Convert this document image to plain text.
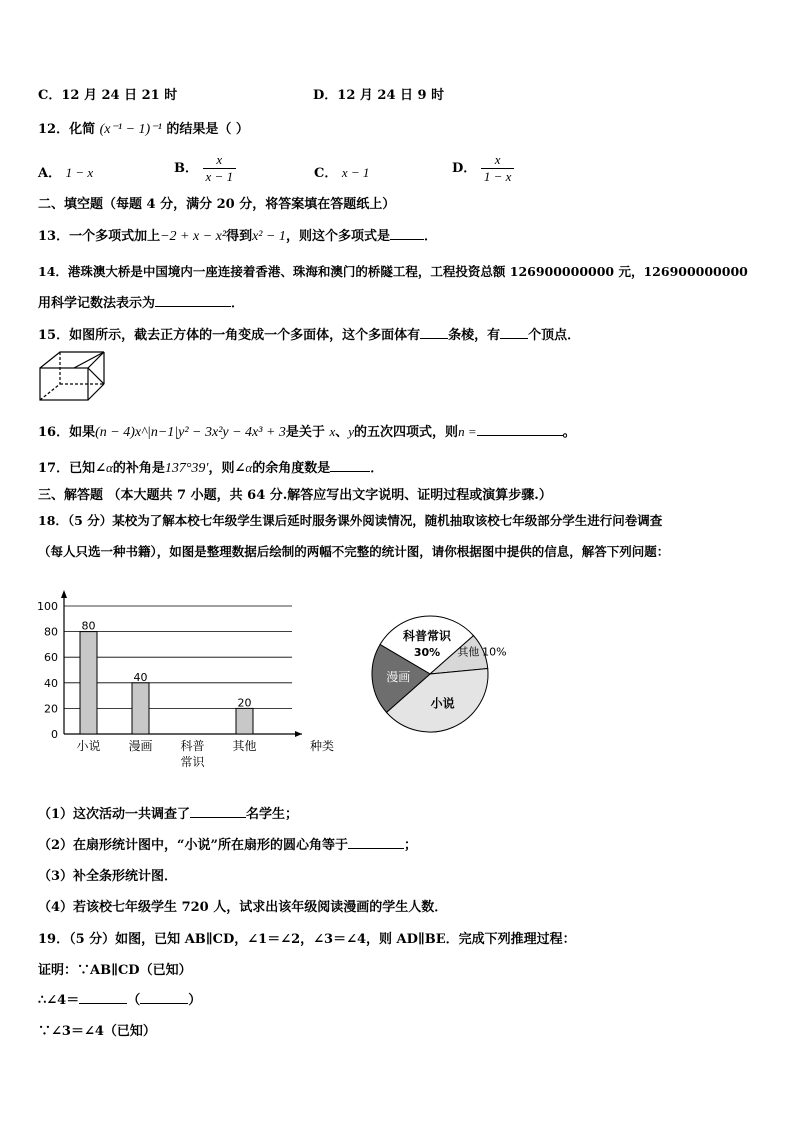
C．12 月 24 日 21 时	D．12 月 24 日 9 时
12．化简 (x⁻¹ − 1)⁻¹ 的结果是（ ）
A． 1 − x	B． $\frac{x}{x - 1}$	C． x − 1	D． $\frac{x}{1 - x}$
二、填空题（每题 4 分，满分 20 分，将答案填在答题纸上）
13．一个多项式加上−2 + x − x²得到x² − 1，则这个多项式是	．
14．港珠澳大桥是中国境内一座连接着香港、珠海和澳门的桥隧工程，工程投资总额 126900000000 元，126900000000
用科学记数法表示为	．
15．如图所示，截去正方体的一角变成一个多面体，这个多面体有 条棱，有 个顶点．
16．如果(n − 4)x^|n−1|y² − 3x²y − 4x³ + 3是关于 x、y的五次四项式，则n =	。
17．已知∠α的补角是137°39′，则∠α的余角度数是	．
三、解答题 （本大题共 7 小题，共 64 分.解答应写出文字说明、证明过程或演算步骤.）
18．（5 分）某校为了解本校七年级学生课后延时服务课外阅读情况，随机抽取该校七年级部分学生进行问卷调查
（每人只选一种书籍），如图是整理数据后绘制的两幅不完整的统计图，请你根据图中提供的信息，解答下列问题：
0
20
40
60
80
100
80
小说
40
漫画 科普
常识
20
其他	种类
科普常识
30% 其他 10%
小说
漫画
（1）这次活动一共调查了	名学生；
（2）在扇形统计图中，“小说”所在扇形的圆心角等于	；
（3）补全条形统计图．
（4）若该校七年级学生 720 人，试求出该年级阅读漫画的学生人数．
19．（5 分）如图，已知 AB∥CD，∠1＝∠2，∠3＝∠4，则 AD∥BE．完成下列推理过程：
证明：∵AB∥CD（已知）
∴∠4＝	（	）
∵∠3＝∠4（已知）
